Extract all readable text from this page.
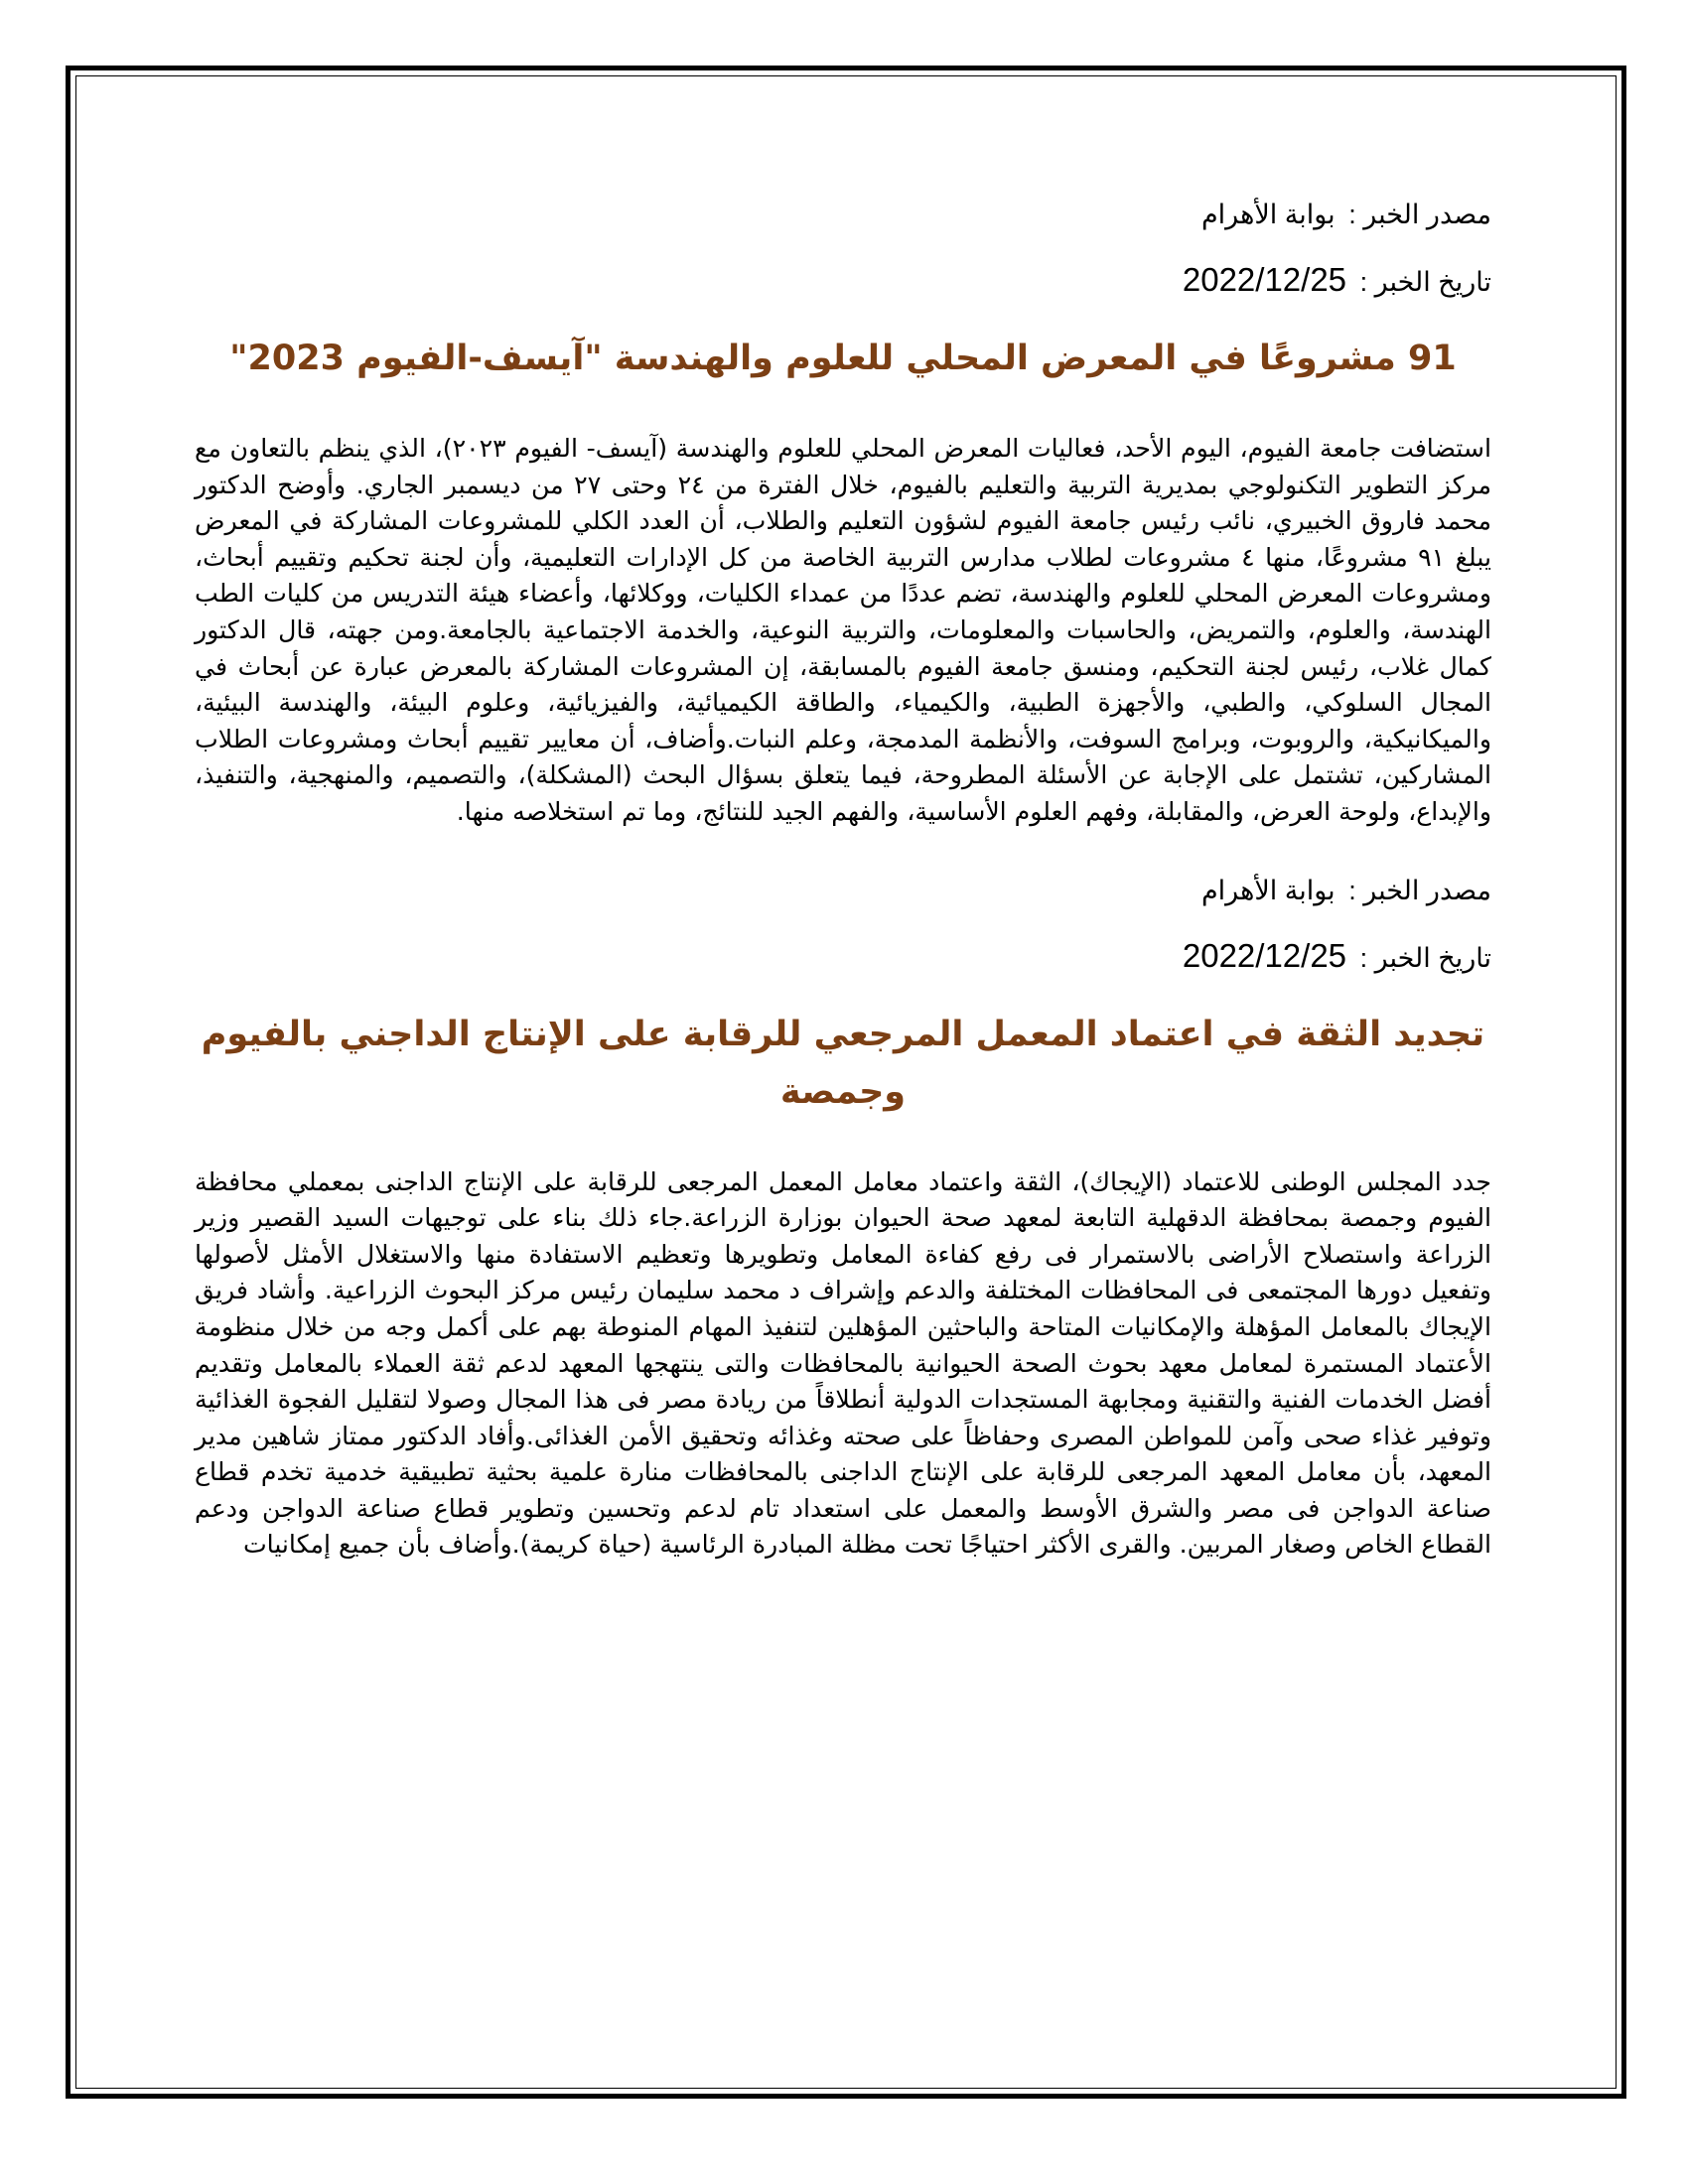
مصدر الخبر : بوابة الأهرام

تاريخ الخبر : 2022/12/25

91 مشروعًا في المعرض المحلي للعلوم والهندسة "آيسف-الفيوم 2023"

استضافت جامعة الفيوم، اليوم الأحد، فعاليات المعرض المحلي للعلوم والهندسة (آيسف- الفيوم ٢٠٢٣)، الذي ينظم بالتعاون مع مركز التطوير التكنولوجي بمديرية التربية والتعليم بالفيوم، خلال الفترة من ٢٤ وحتى ٢٧ من ديسمبر الجاري. وأوضح الدكتور محمد فاروق الخبيري، نائب رئيس جامعة الفيوم لشؤون التعليم والطلاب، أن العدد الكلي للمشروعات المشاركة في المعرض يبلغ ٩١ مشروعًا، منها ٤ مشروعات لطلاب مدارس التربية الخاصة من كل الإدارات التعليمية، وأن لجنة تحكيم وتقييم أبحاث، ومشروعات المعرض المحلي للعلوم والهندسة، تضم عددًا من عمداء الكليات، ووكلائها، وأعضاء هيئة التدريس من كليات الطب الهندسة، والعلوم، والتمريض، والحاسبات والمعلومات، والتربية النوعية، والخدمة الاجتماعية بالجامعة.ومن جهته، قال الدكتور كمال غلاب، رئيس لجنة التحكيم، ومنسق جامعة الفيوم بالمسابقة، إن المشروعات المشاركة بالمعرض عبارة عن أبحاث في المجال السلوكي، والطبي، والأجهزة الطبية، والكيمياء، والطاقة الكيميائية، والفيزيائية، وعلوم البيئة، والهندسة البيئية، والميكانيكية، والروبوت، وبرامج السوفت، والأنظمة المدمجة، وعلم النبات.وأضاف، أن معايير تقييم أبحاث ومشروعات الطلاب المشاركين، تشتمل على الإجابة عن الأسئلة المطروحة، فيما يتعلق بسؤال البحث (المشكلة)، والتصميم، والمنهجية، والتنفيذ، والإبداع، ولوحة العرض، والمقابلة، وفهم العلوم الأساسية، والفهم الجيد للنتائج، وما تم استخلاصه منها.

مصدر الخبر : بوابة الأهرام

تاريخ الخبر : 2022/12/25

تجديد الثقة في اعتماد المعمل المرجعي للرقابة على الإنتاج الداجني بالفيوم وجمصة

جدد المجلس الوطنى للاعتماد (الإيجاك)، الثقة واعتماد معامل المعمل المرجعى للرقابة على الإنتاج الداجنى بمعملي محافظة الفيوم وجمصة بمحافظة الدقهلية التابعة لمعهد صحة الحيوان بوزارة الزراعة.جاء ذلك بناء على توجيهات السيد القصير وزير الزراعة واستصلاح الأراضى بالاستمرار فى رفع كفاءة المعامل وتطويرها وتعظيم الاستفادة منها والاستغلال الأمثل لأصولها وتفعيل دورها المجتمعى فى المحافظات المختلفة والدعم وإشراف د محمد سليمان رئيس مركز البحوث الزراعية. وأشاد فريق الإيجاك بالمعامل المؤهلة والإمكانيات المتاحة والباحثين المؤهلين لتنفيذ المهام المنوطة بهم على أكمل وجه من خلال منظومة الأعتماد المستمرة لمعامل معهد بحوث الصحة الحيوانية بالمحافظات والتى ينتهجها المعهد لدعم ثقة العملاء بالمعامل وتقديم أفضل الخدمات الفنية والتقنية ومجابهة المستجدات الدولية أنطلاقاً من ريادة مصر فى هذا المجال وصولا لتقليل الفجوة الغذائية وتوفير غذاء صحى وآمن للمواطن المصرى وحفاظاً على صحته وغذائه وتحقيق الأمن الغذائى.وأفاد الدكتور ممتاز شاهين مدير المعهد، بأن معامل المعهد المرجعى للرقابة على الإنتاج الداجنى بالمحافظات منارة علمية بحثية تطبيقية خدمية تخدم قطاع صناعة الدواجن فى مصر والشرق الأوسط والمعمل على استعداد تام لدعم وتحسين وتطوير قطاع صناعة الدواجن ودعم القطاع الخاص وصغار المربين. والقرى الأكثر احتياجًا تحت مظلة المبادرة الرئاسية (حياة كريمة).وأضاف بأن جميع إمكانيات
